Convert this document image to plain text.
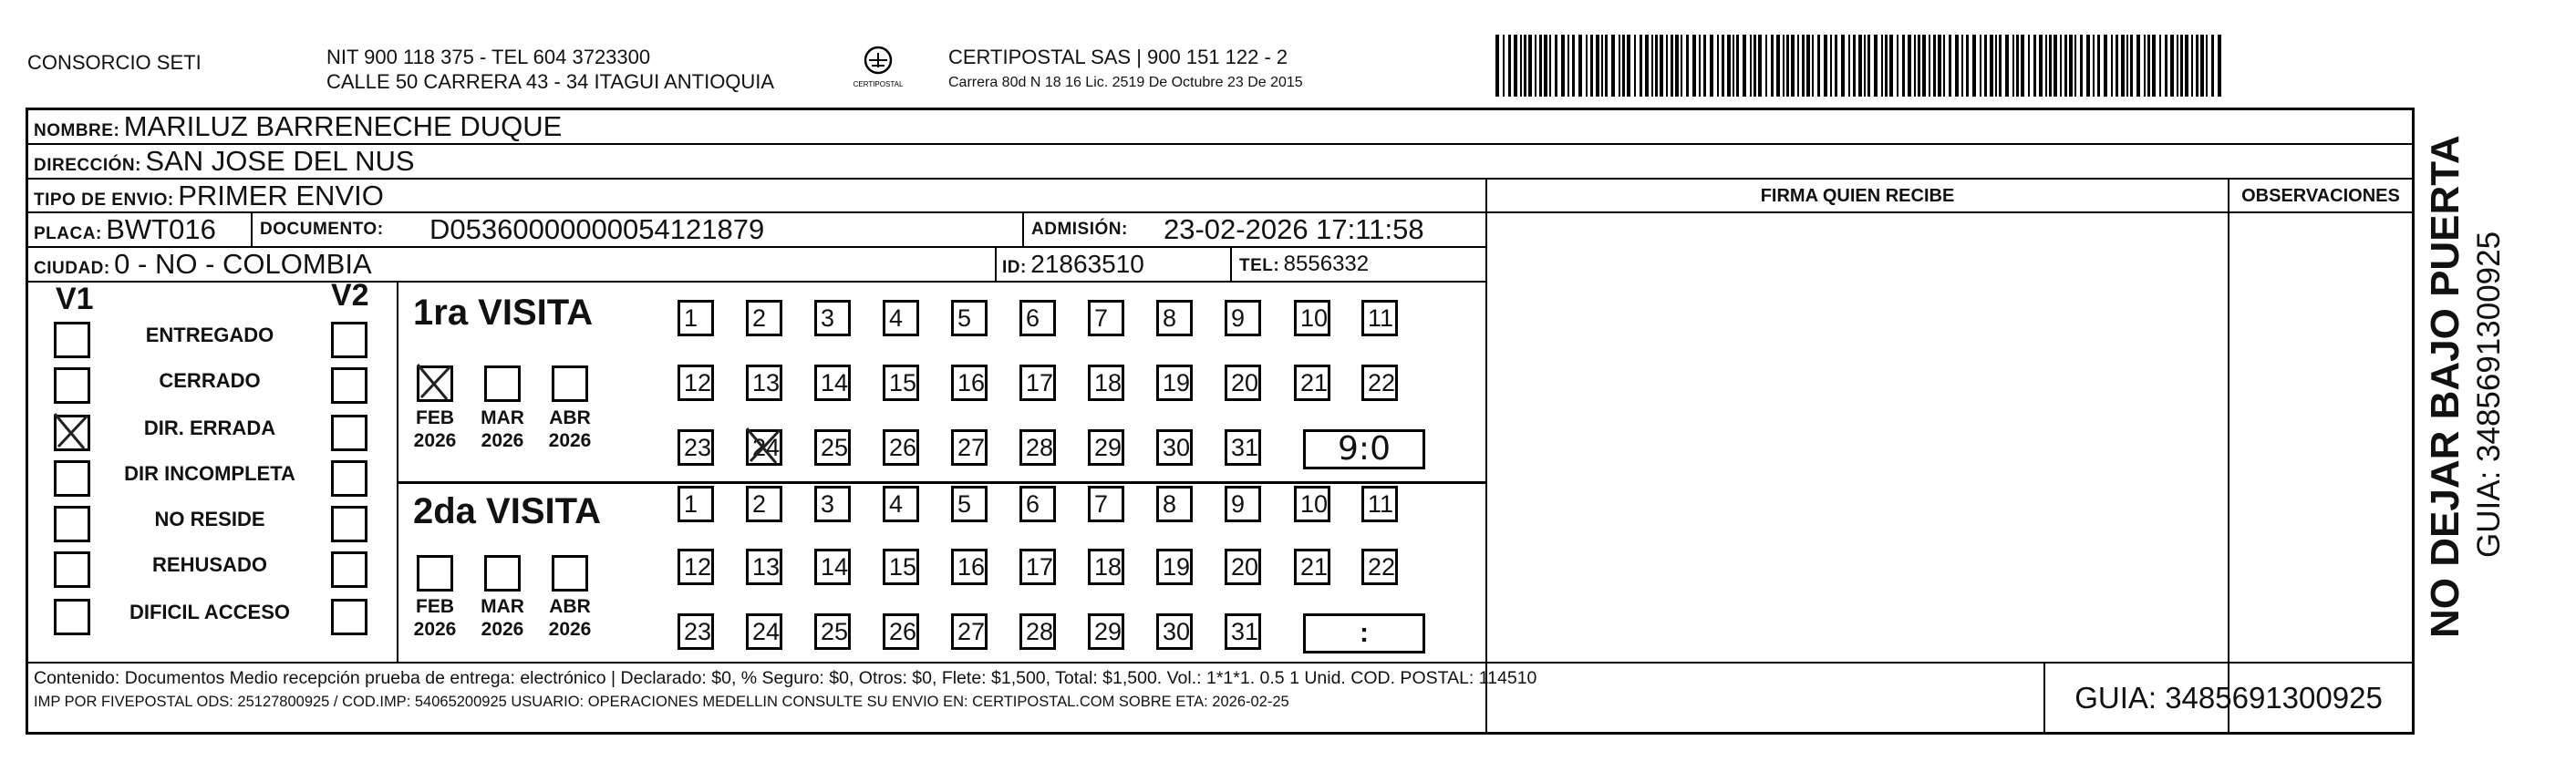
CONSORCIO SETI	NIT 900 118 375 - TEL 604 3723300
CALLE 50 CARRERA 43 - 34 ITAGUI ANTIOQUIA	CERTIPOSTAL
CERTIPOSTAL SAS | 900 151 122 - 2
Carrera 80d N 18 16 Lic. 2519 De Octubre 23 De 2015
NOMBRE: MARILUZ BARRENECHE DUQUE
DIRECCIÓN: SAN JOSE DEL NUS
TIPO DE ENVIO: PRIMER ENVIO
PLACA: BWT016	DOCUMENTO: D05360000000054121879	ADMISIÓN: 23-02-2026 17:11:58
CIUDAD: 0 - NO - COLOMBIA	ID: 21863510	TEL: 8556332
FIRMA QUIEN RECIBE	OBSERVACIONES
V1	V2
ENTREGADO
CERRADO
DIR. ERRADA
DIR INCOMPLETA
NO RESIDE
REHUSADO
DIFICIL ACCESO
1ra VISITA
2da VISITA
FEB
2026
MAR
2026
ABR
2026
FEB
2026
MAR
2026
ABR
2026
1	2	3	4	5	6	7	8	9	10 11
12 13 14 15 16 17 18 19 20 21 22
23 24 25 26 27 28 29 30 31
1	2	3	4	5	6	7	8	9	10 11
12 13 14 15 16 17 18 19 20 21 22
23 24 25 26 27 28 29 30 31
9:0
:
Contenido: Documentos Medio recepción prueba de entrega: electrónico | Declarado: $0, % Seguro: $0, Otros: $0, Flete: $1,500, Total: $1,500. Vol.: 1*1*1. 0.5 1 Unid. COD. POSTAL: 114510
IMP POR FIVEPOSTAL ODS: 25127800925 / COD.IMP: 54065200925 USUARIO: OPERACIONES MEDELLIN CONSULTE SU ENVIO EN: CERTIPOSTAL.COM SOBRE ETA: 2026-02-25	GUIA: 3485691300925
NO DEJAR BAJO PUERTA GUIA: 3485691300925
